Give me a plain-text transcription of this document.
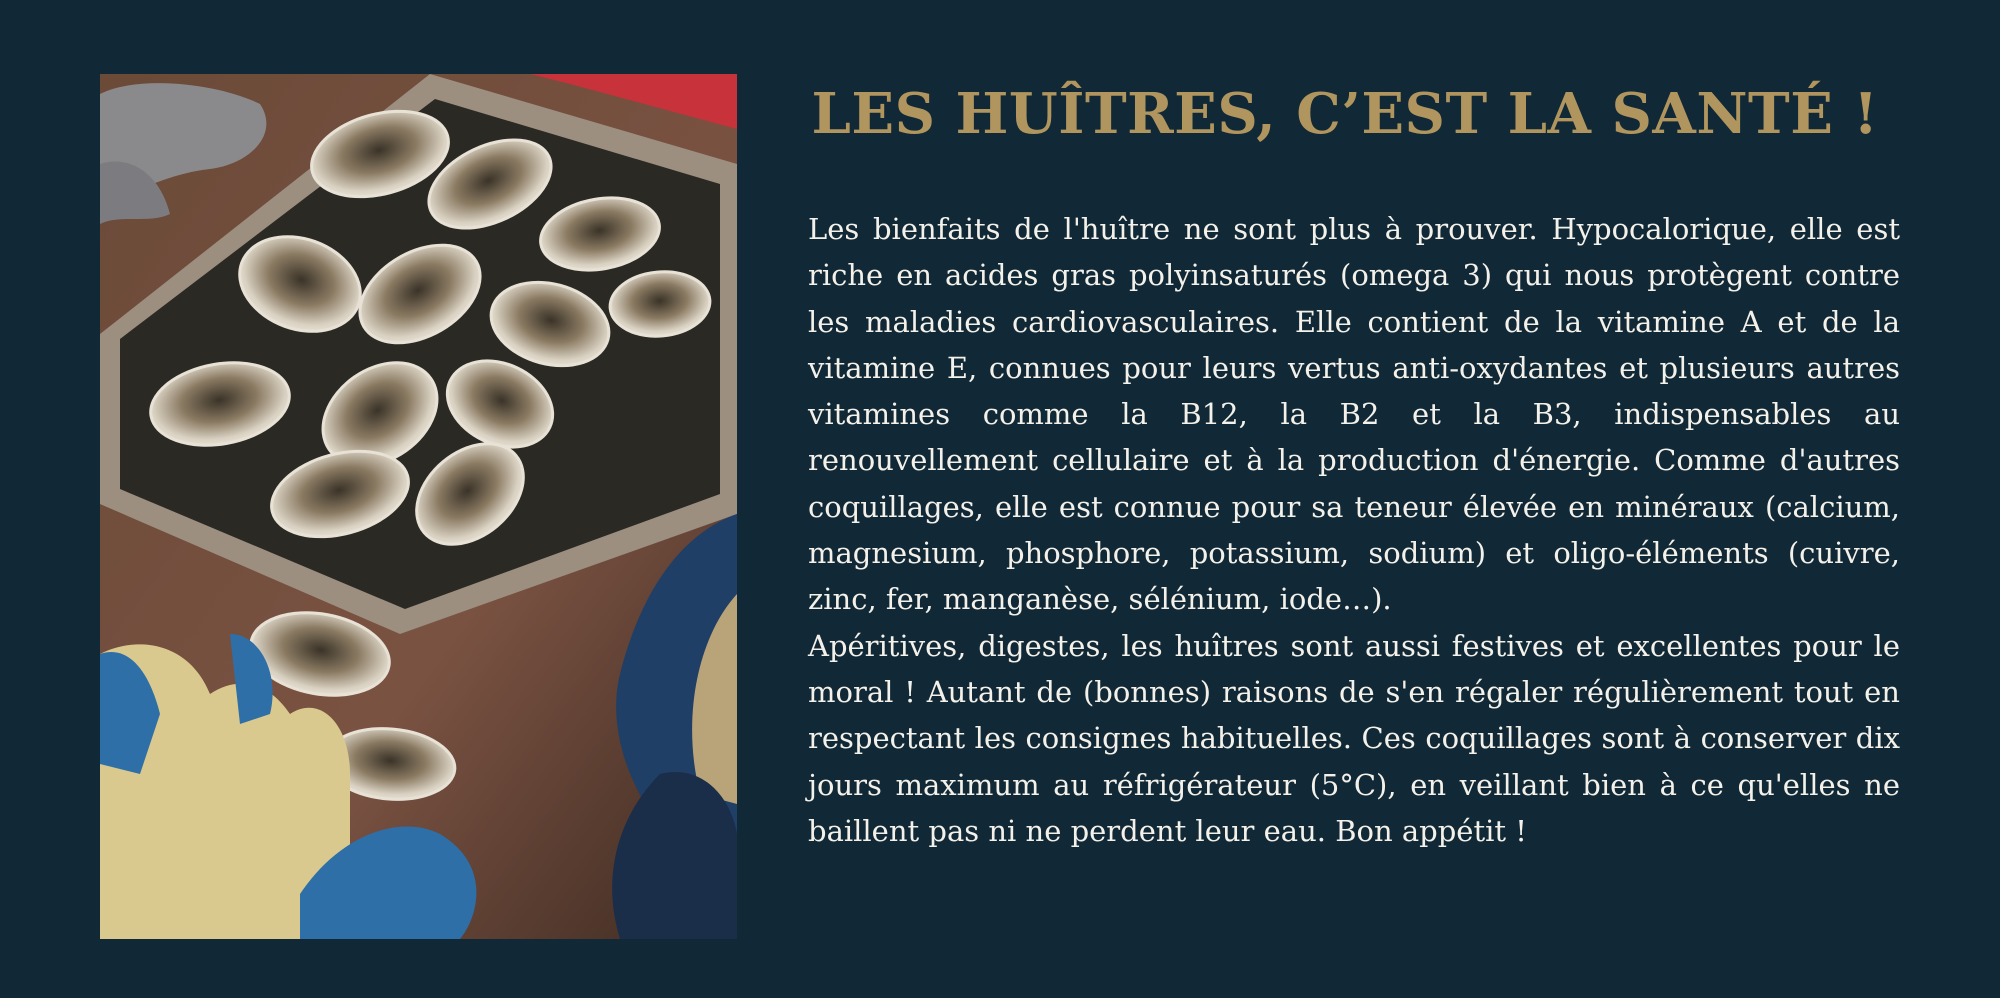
LES HUÎTRES, C’EST LA SANTÉ !

Les bienfaits de l'huître ne sont plus à prouver. Hypocalorique, elle est riche en acides gras polyinsaturés (omega 3) qui nous protègent contre les maladies cardiovasculaires. Elle contient de la vitamine A et de la vitamine E, connues pour leurs vertus anti-oxydantes et plusieurs autres vitamines comme la B12, la B2 et la B3, indispensables au renouvellement cellulaire et à la production d'énergie. Comme d'autres coquillages, elle est connue pour sa teneur élevée en minéraux (calcium, magnesium, phosphore, potassium, sodium) et oligo-éléments (cuivre, zinc, fer, manganèse, sélénium, iode…).

Apéritives, digestes, les huîtres sont aussi festives et excellentes pour le moral ! Autant de (bonnes) raisons de s'en régaler régulièrement tout en respectant les consignes habituelles. Ces coquillages sont à conserver dix jours maximum au réfrigérateur (5°C), en veillant bien à ce qu'elles ne baillent pas ni ne perdent leur eau. Bon appétit !
